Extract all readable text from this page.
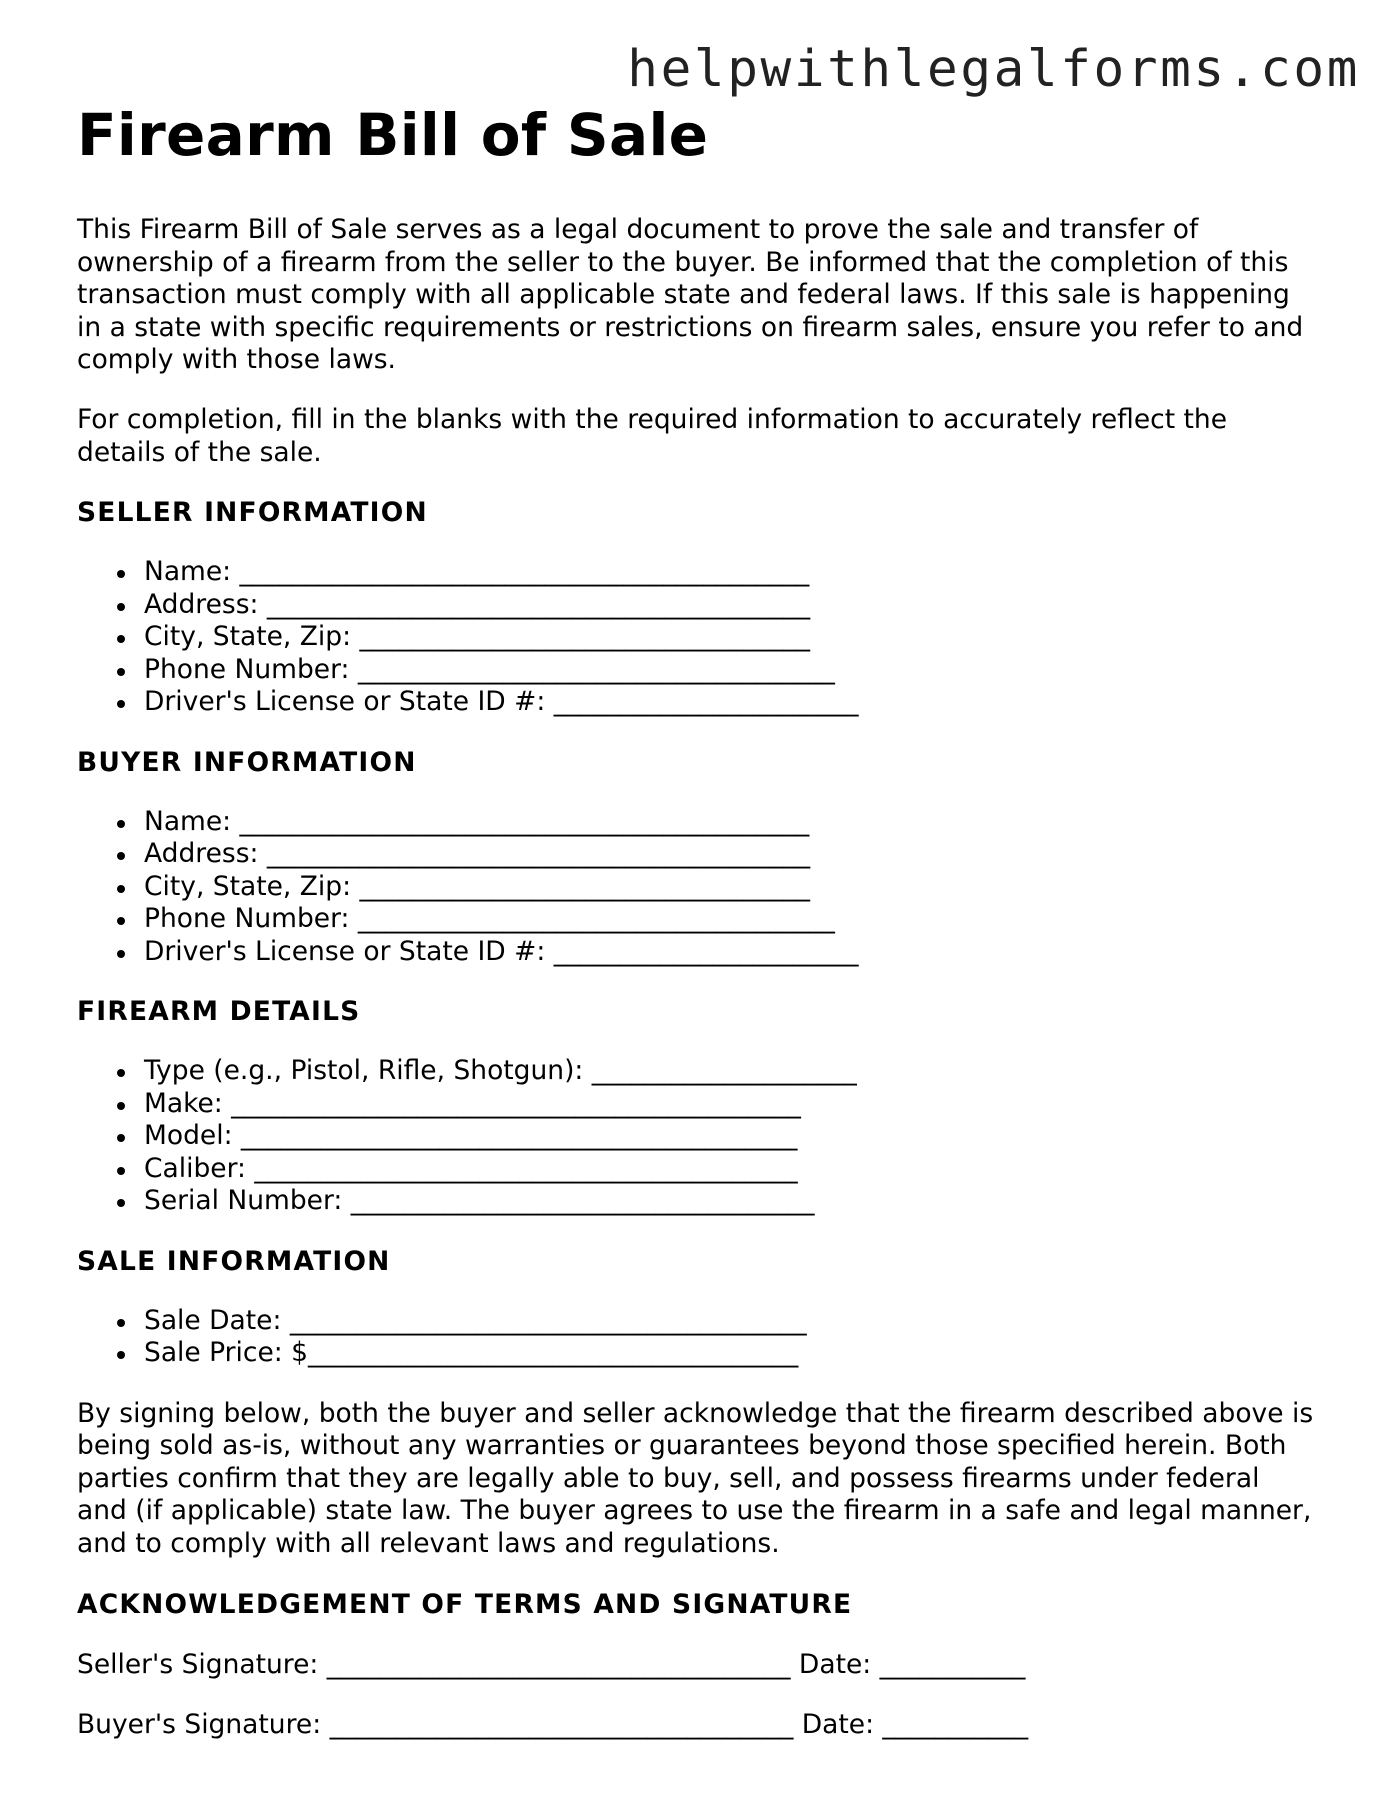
helpwithlegalforms.com
Firearm Bill of Sale

This Firearm Bill of Sale serves as a legal document to prove the sale and transfer of ownership of a firearm from the seller to the buyer. Be informed that the completion of this transaction must comply with all applicable state and federal laws. If this sale is happening in a state with specific requirements or restrictions on firearm sales, ensure you refer to and comply with those laws.

For completion, fill in the blanks with the required information to accurately reflect the details of the sale.

SELLER INFORMATION
Name: ___________________________________________
Address: _________________________________________
City, State, Zip: __________________________________
Phone Number: ____________________________________
Driver's License or State ID #: _______________________
BUYER INFORMATION
Name: ___________________________________________
Address: _________________________________________
City, State, Zip: __________________________________
Phone Number: ____________________________________
Driver's License or State ID #: _______________________
FIREARM DETAILS
Type (e.g., Pistol, Rifle, Shotgun): ____________________
Make: ___________________________________________
Model: __________________________________________
Caliber: _________________________________________
Serial Number: ___________________________________
SALE INFORMATION
Sale Date: _______________________________________
Sale Price: $_____________________________________

By signing below, both the buyer and seller acknowledge that the firearm described above is being sold as-is, without any warranties or guarantees beyond those specified herein. Both parties confirm that they are legally able to buy, sell, and possess firearms under federal and (if applicable) state law. The buyer agrees to use the firearm in a safe and legal manner, and to comply with all relevant laws and regulations.

ACKNOWLEDGEMENT OF TERMS AND SIGNATURE

Seller's Signature: ___________________________________ Date: ___________

Buyer's Signature: ___________________________________ Date: ___________
